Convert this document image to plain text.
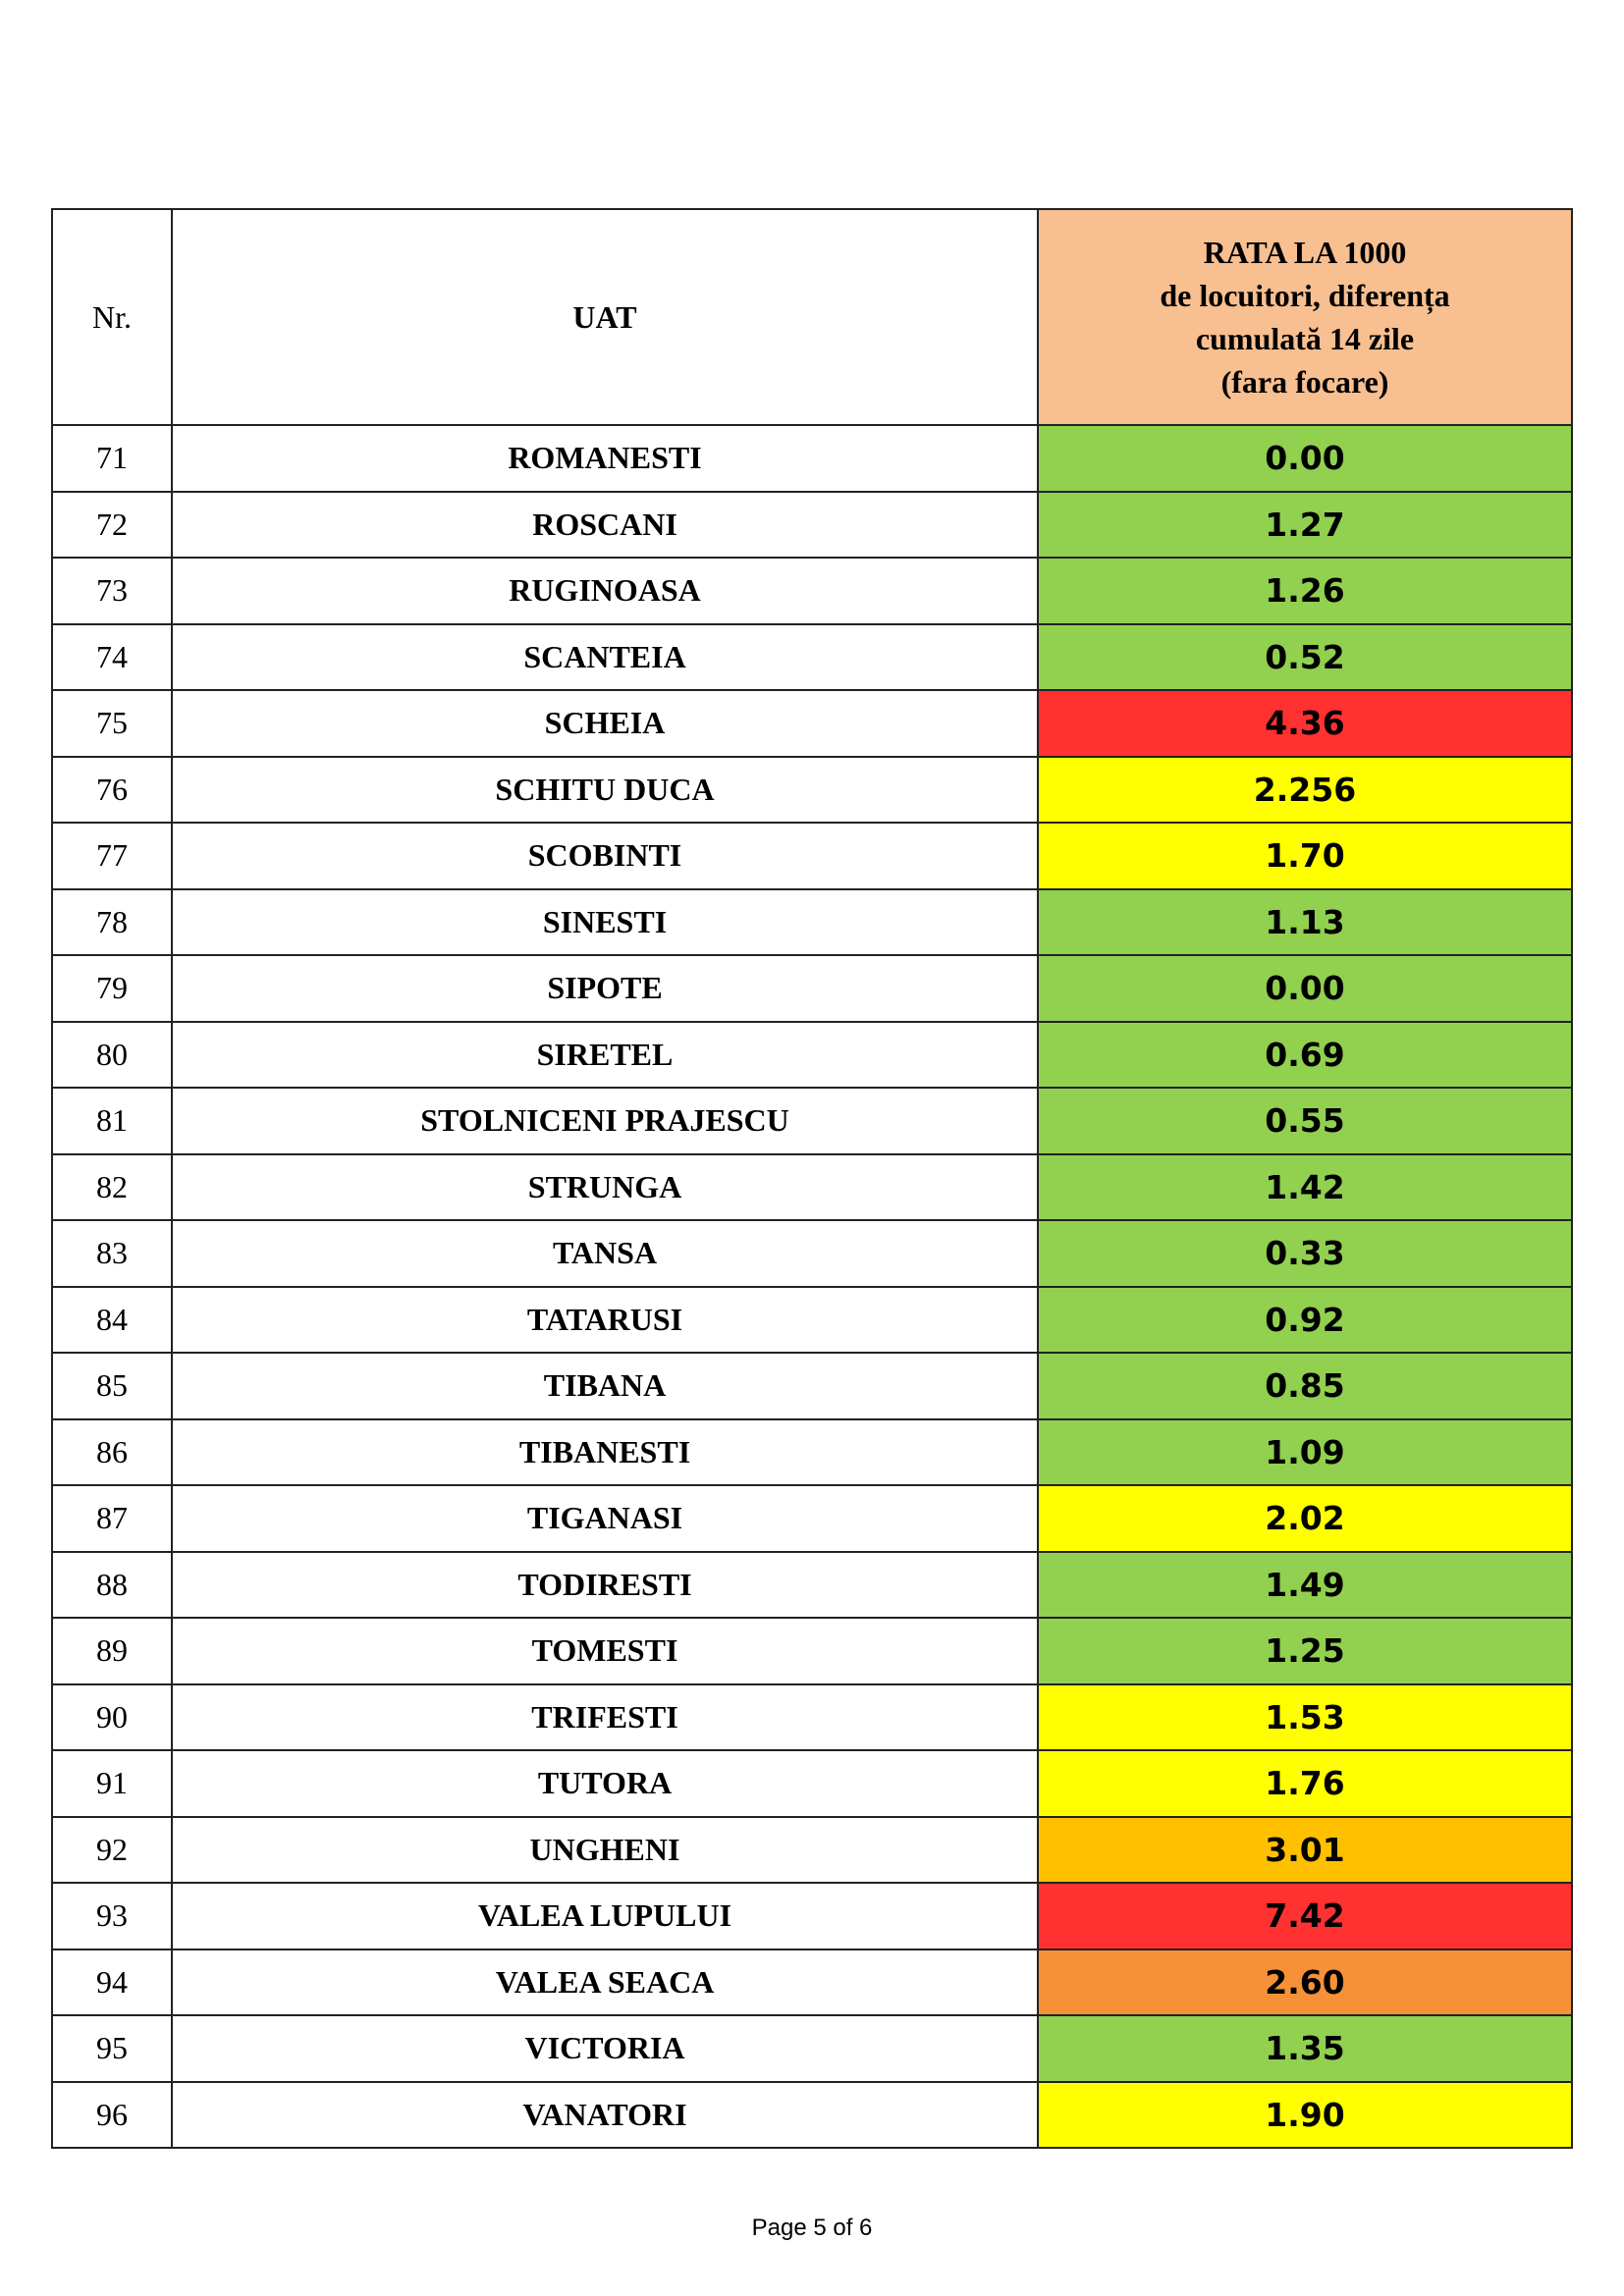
Nr.	UAT	RATA LA 1000
de locuitori, diferența
cumulată 14 zile
(fara focare)

71	ROMANESTI	0.00
72	ROSCANI	1.27
73	RUGINOASA	1.26
74	SCANTEIA	0.52
75	SCHEIA	4.36
76	SCHITU DUCA	2.256
77	SCOBINTI	1.70
78	SINESTI	1.13
79	SIPOTE	0.00
80	SIRETEL	0.69
81	STOLNICENI PRAJESCU	0.55
82	STRUNGA	1.42
83	TANSA	0.33
84	TATARUSI	0.92
85	TIBANA	0.85
86	TIBANESTI	1.09
87	TIGANASI	2.02
88	TODIRESTI	1.49
89	TOMESTI	1.25
90	TRIFESTI	1.53
91	TUTORA	1.76
92	UNGHENI	3.01
93	VALEA LUPULUI	7.42
94	VALEA SEACA	2.60
95	VICTORIA	1.35
96	VANATORI	1.90
Page 5 of 6
